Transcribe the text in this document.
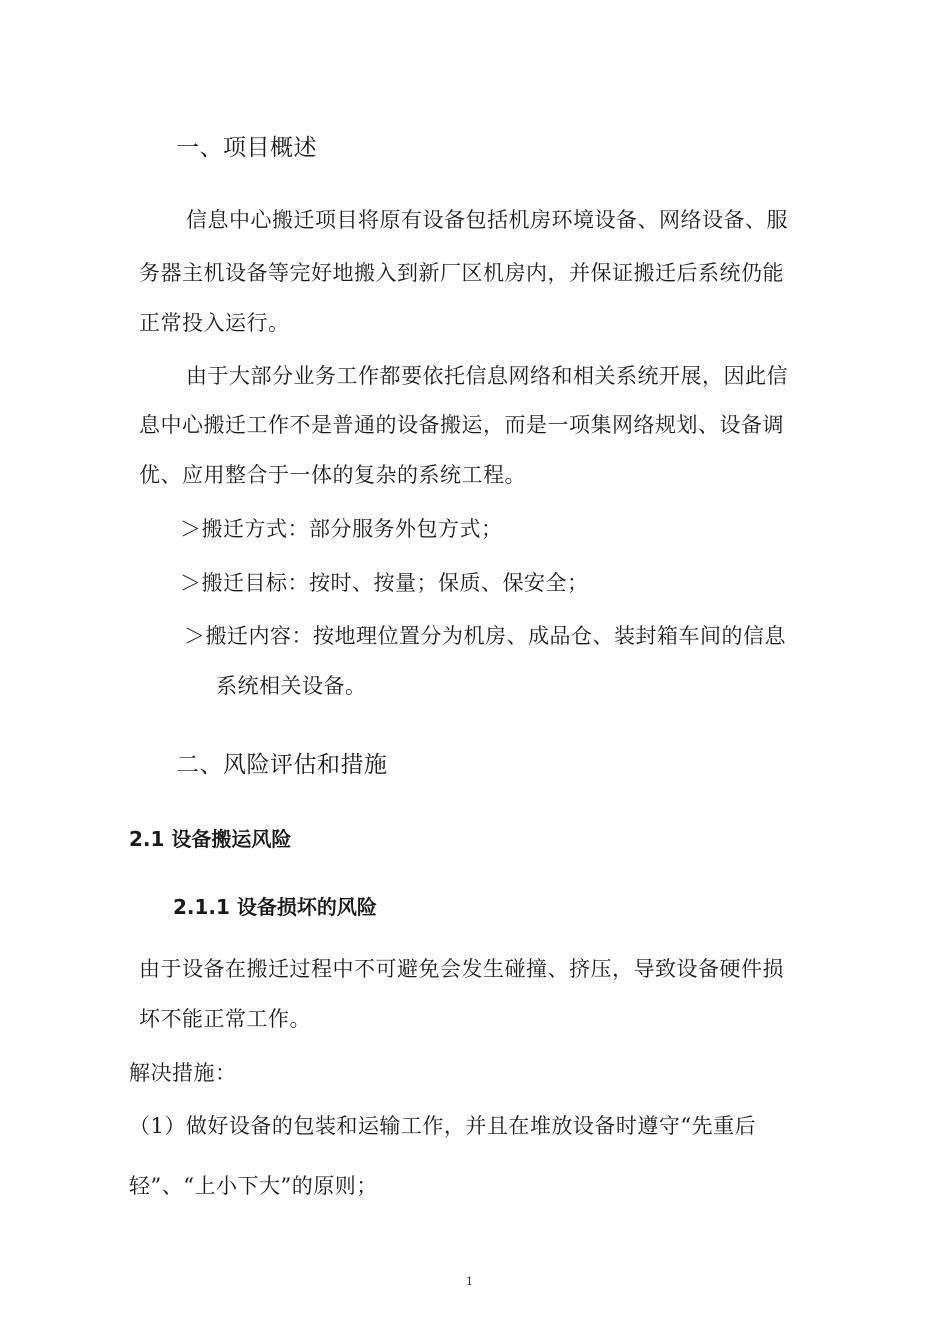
一、项目概述
信息中心搬迁项目将原有设备包括机房环境设备、网络设备、服
务器主机设备等完好地搬入到新厂区机房内，并保证搬迁后系统仍能
正常投入运行。
由于大部分业务工作都要依托信息网络和相关系统开展，因此信
息中心搬迁工作不是普通的设备搬运，而是一项集网络规划、设备调
优、应用整合于一体的复杂的系统工程。
＞搬迁方式：部分服务外包方式；
＞搬迁目标：按时、按量；保质、保安全；
＞搬迁内容：按地理位置分为机房、成品仓、装封箱车间的信息
系统相关设备。
二、风险评估和措施
2.1 设备搬运风险
2.1.1 设备损坏的风险
由于设备在搬迁过程中不可避免会发生碰撞、挤压，导致设备硬件损
坏不能正常工作。
解决措施：
（1）做好设备的包装和运输工作，并且在堆放设备时遵守“先重后
轻”、“上小下大”的原则；
1
